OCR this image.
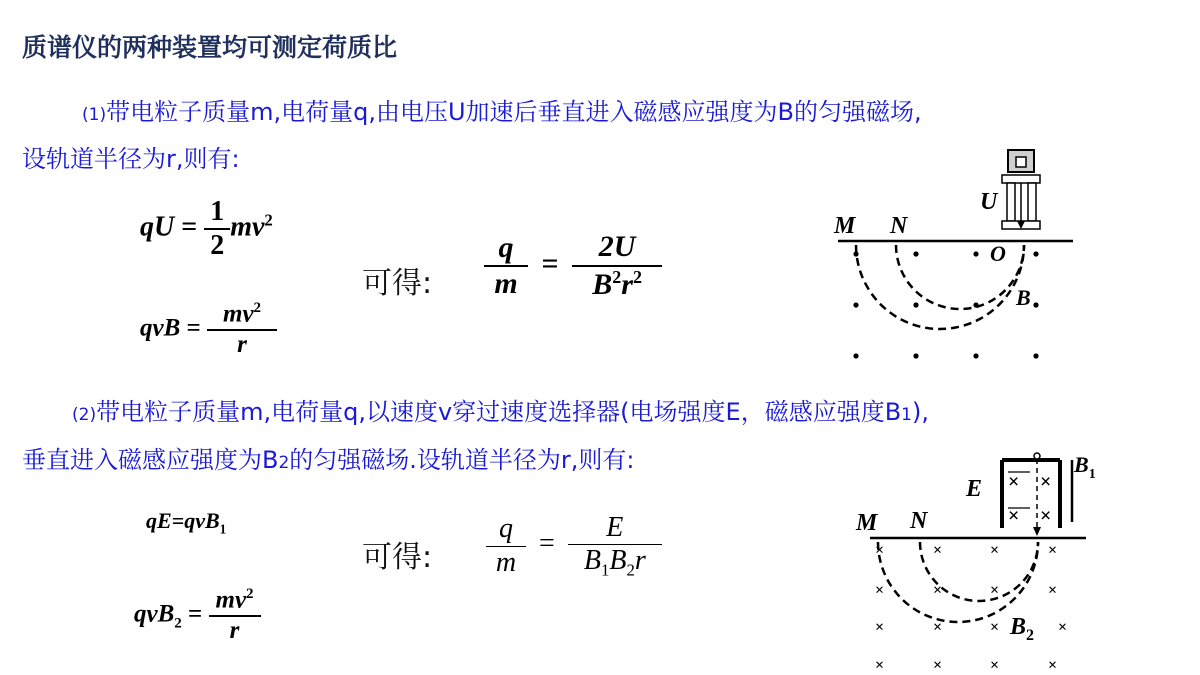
质谱仪的两种装置均可测定荷质比
(1)带电粒子质量m,电荷量q,由电压U加速后垂直进入磁感应强度为B的匀强磁场,
设轨道半径为r,则有:
qU = $\frac{1}{2} mv^2$
qvB = $\frac{mv^2}{r}$
可得: $\frac{q}{m} = \frac{2U}{B^2r^2}$
U
M N
O
B
(2)带电粒子质量m,电荷量q,以速度v穿过速度选择器(电场强度E，磁感应强度B1),
垂直进入磁感应强度为B2的匀强磁场.设轨道半径为r,则有:
qE=qvB$_1$
$qvB_2 = \frac{mv^2}{r}$
可得: $\frac{q}{m} = \frac{E}{B_1B_2r}$
× ×
× ×
E
$B_1$
M N
$B_2$
×	×	×	×
×	×	×	×
×	×	×	×
×	×	×	×
